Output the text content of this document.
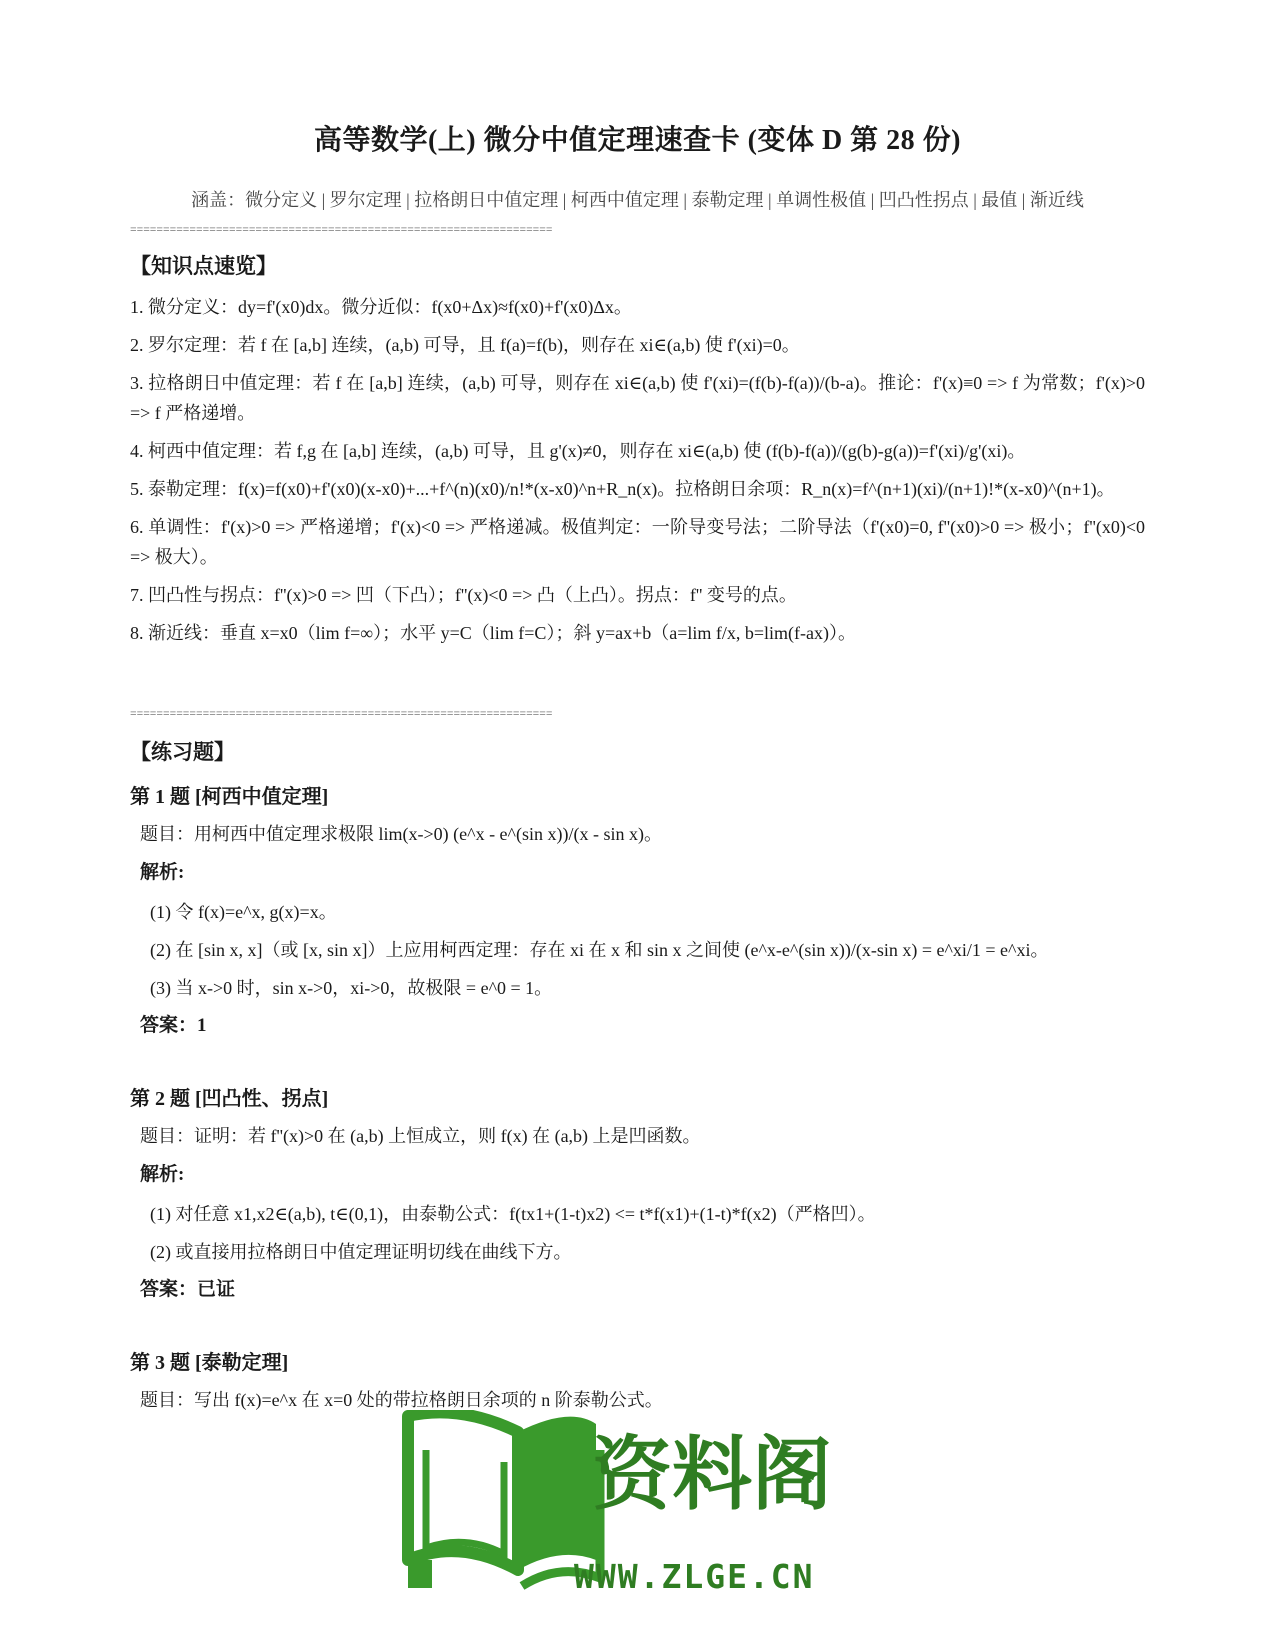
高等数学(上) 微分中值定理速查卡 (变体 D 第 28 份)
涵盖：微分定义 | 罗尔定理 | 拉格朗日中值定理 | 柯西中值定理 | 泰勒定理 | 单调性极值 | 凹凸性拐点 | 最值 | 渐近线
================================================================

【知识点速览】

1. 微分定义：dy=f'(x0)dx。微分近似：f(x0+Δx)≈f(x0)+f'(x0)Δx。

2. 罗尔定理：若 f 在 [a,b] 连续，(a,b) 可导，且 f(a)=f(b)，则存在 xi∈(a,b) 使 f'(xi)=0。

3. 拉格朗日中值定理：若 f 在 [a,b] 连续，(a,b) 可导，则存在 xi∈(a,b) 使 f'(xi)=(f(b)-f(a))/(b-a)。推论：f'(x)≡0 => f 为常数；f'(x)>0 => f 严格递增。

4. 柯西中值定理：若 f,g 在 [a,b] 连续，(a,b) 可导，且 g'(x)≠0，则存在 xi∈(a,b) 使 (f(b)-f(a))/(g(b)-g(a))=f'(xi)/g'(xi)。

5. 泰勒定理：f(x)=f(x0)+f'(x0)(x-x0)+...+f^(n)(x0)/n!*(x-x0)^n+R_n(x)。拉格朗日余项：R_n(x)=f^(n+1)(xi)/(n+1)!*(x-x0)^(n+1)。

6. 单调性：f'(x)>0 => 严格递增；f'(x)<0 => 严格递减。极值判定：一阶导变号法；二阶导法（f'(x0)=0, f''(x0)>0 => 极小；f''(x0)<0 => 极大）。

7. 凹凸性与拐点：f''(x)>0 => 凹（下凸）；f''(x)<0 => 凸（上凸）。拐点：f'' 变号的点。

8. 渐近线：垂直 x=x0（lim f=∞）；水平 y=C（lim f=C）；斜 y=ax+b（a=lim f/x, b=lim(f-ax)）。

================================================================

【练习题】

第 1 题 [柯西中值定理]

题目：用柯西中值定理求极限 lim(x->0) (e^x - e^(sin x))/(x - sin x)。

解析:

(1) 令 f(x)=e^x, g(x)=x。

(2) 在 [sin x, x]（或 [x, sin x]）上应用柯西定理：存在 xi 在 x 和 sin x 之间使 (e^x-e^(sin x))/(x-sin x) = e^xi/1 = e^xi。

(3) 当 x->0 时，sin x->0，xi->0，故极限 = e^0 = 1。

答案：1

第 2 题 [凹凸性、拐点]

题目：证明：若 f''(x)>0 在 (a,b) 上恒成立，则 f(x) 在 (a,b) 上是凹函数。

解析:

(1) 对任意 x1,x2∈(a,b), t∈(0,1)，由泰勒公式：f(tx1+(1-t)x2) <= t*f(x1)+(1-t)*f(x2)（严格凹）。

(2) 或直接用拉格朗日中值定理证明切线在曲线下方。

答案：已证

第 3 题 [泰勒定理]

题目：写出 f(x)=e^x 在 x=0 处的带拉格朗日余项的 n 阶泰勒公式。

资料阁
WWW.ZLGE.CN
